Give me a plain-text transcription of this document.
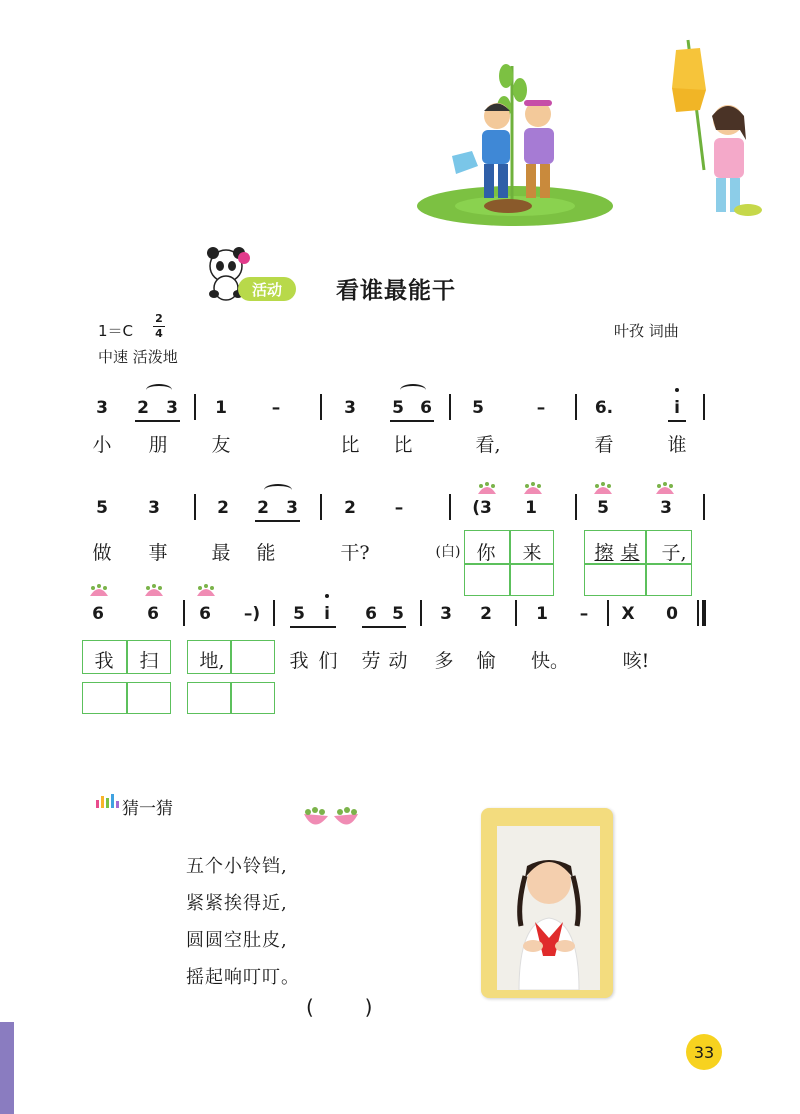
活动	看谁最能干
1＝C
2
4
中速 活泼地
叶孜 词曲
3 2 3 1	–	3 5 6 5	–	6.	i
小 朋 友	比 比	看,	看	谁
5 3	2 2 3	2 –	(3 1	5	3
做 事 最 能	干?	(白) 你 来	擦 桌 子,
6	6 6 –) 5 i 6 5 3 2	1 – X 0
我 扫 地,	我 们 劳 动 多 愉 快。	咳!
猜一猜
五个小铃铛,
紧紧挨得近,
圆圆空肚皮,
摇起响叮叮。
(        )
33
